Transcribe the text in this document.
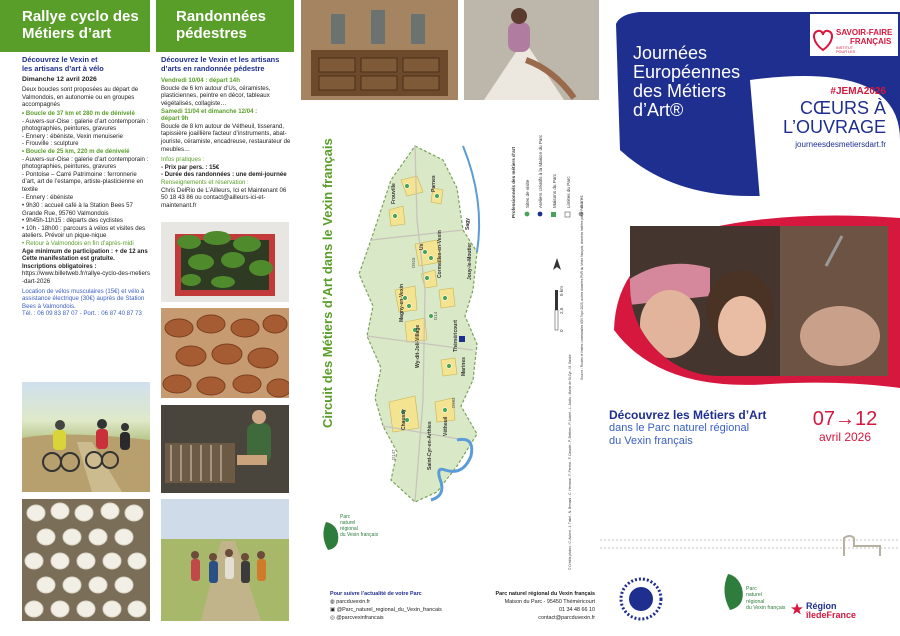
Rallye cyclo des
Métiers d’art
Découvrez le Vexin et
les artisans d’art à vélo
Dimanche 12 avril 2026
Deux boucles sont proposées au départ de Valmondois, en autonomie ou en groupes accompagnés
• Boucle de 37 km et 280 m de dénivelé
- Auvers-sur-Oise : galerie d’art contemporain : photographies, peintures, gravures
- Ennery : ébéniste, Vexin menuiserie
- Frouville : sculpture
• Boucle de 25 km, 220 m de dénivelé
- Auvers-sur-Oise : galerie d’art contemporain : photographies, peintures, gravures
- Pontoise – Carré Patrimoine : ferronnerie d’art, art de l’estampe, artiste-plasticienne en textile
- Ennery : ébéniste
• 9h30 : accueil café à la Station Bees 57 Grande Rue, 95760 Valmondois
• 9h45h-11h15 : départs des cyclistes
• 10h - 18h00 : parcours à vélos et visites des ateliers. Prévoir un pique-nique
• Retour à Valmondois en fin d’après-midi
Age minimum de participation : + de 12 ans
Cette manifestation est gratuite.
Inscriptions obligatoires :
https://www.billetweb.fr/rallye-cyclo-des-metiers-dart-2026
Location de vélos musculaires (15€) et vélo à assistance électrique (30€) auprès de Station Bees à Valmondois.
Tél. : 06 09 83 87 07 - Port. : 06 87 40 87 73
Randonnées
pédestres
Découvrez le Vexin et les artisans
d’arts en randonnée pédestre
Vendredi 10/04 : départ 14h
Boucle de 6 km autour d’Us, céramistes, plasticiennes, peintre en décor, tableaux végétalisés, collagiste…
Samedi 11/04 et dimanche 12/04 :
départ 9h
Boucle de 8 km autour de Vétheuil, tisserand, tapissière joaillière facteur d’instruments, abat-jouriste, céramiste, encadreuse, restaurateur de meubles…
Infos pratiques :
- Prix par pers. : 15€
- Durée des randonnées : une demi-journée
Renseignements et réservation :
Chris DelRio de L’Ailleurs, Ici et Maintenant 06 50 18 43 86 ou contact@ailleurs-ici-et-maintenant.fr	Circuit des Métiers d’Art dans le Vexin français	Frouville	Parnes
Us Cormeilles-en-Vexin
Wy-dit-Joli-Village	Théméricourt
Chaussy	Vétheuil
Saint-Cyr-en-Arthies
Jouy-le-Moutier
Marines
Magny-en-Vexin
Sagy
D915
D14
D983
D147
Professionnels des métiers d’art Sites de visite Ateliers créatifs à la Maison du Parc Maisons du Parc Limites du Parc Gares
0
2,5
5 km	Source : Routes et limites communales IGN Topo 2023, autres données PNR du Vexin français, données traitées par le Parc
© Crédits photos : C. Aubert - J. Trabé - N. Bernard - C. Hermant - F. Pereira - F. Caradel - P. Brethes - P. Aubert - L. Jaulin - Mairie de St-Cyr - M. Gardie
Parc
naturel
régional
du Vexin français
Pour suivre l’actualité de votre Parc
◍ parcduvexin.fr
▣ @Parc_naturel_regional_du_Vexin_francais
◎ @parcvexinfrancais
Parc naturel régional du Vexin français
Maison du Parc - 95450 Théméricourt
01 34 48 66 10
contact@parcduvexin.fr
SAVOIR-FAIRE
FRANÇAIS
INSTITUT
POUR LES
Journées
Européennes
des Métiers
d’Art®
#JEMA2026
CŒURS À
L’OUVRAGE
journeesdesmetiersdart.fr
Découvrez les Métiers d’Art
dans le Parc naturel régional
du Vexin français
07→12
avril 2026
Parc
naturel
régional
du Vexin français Région
îledeFrance
